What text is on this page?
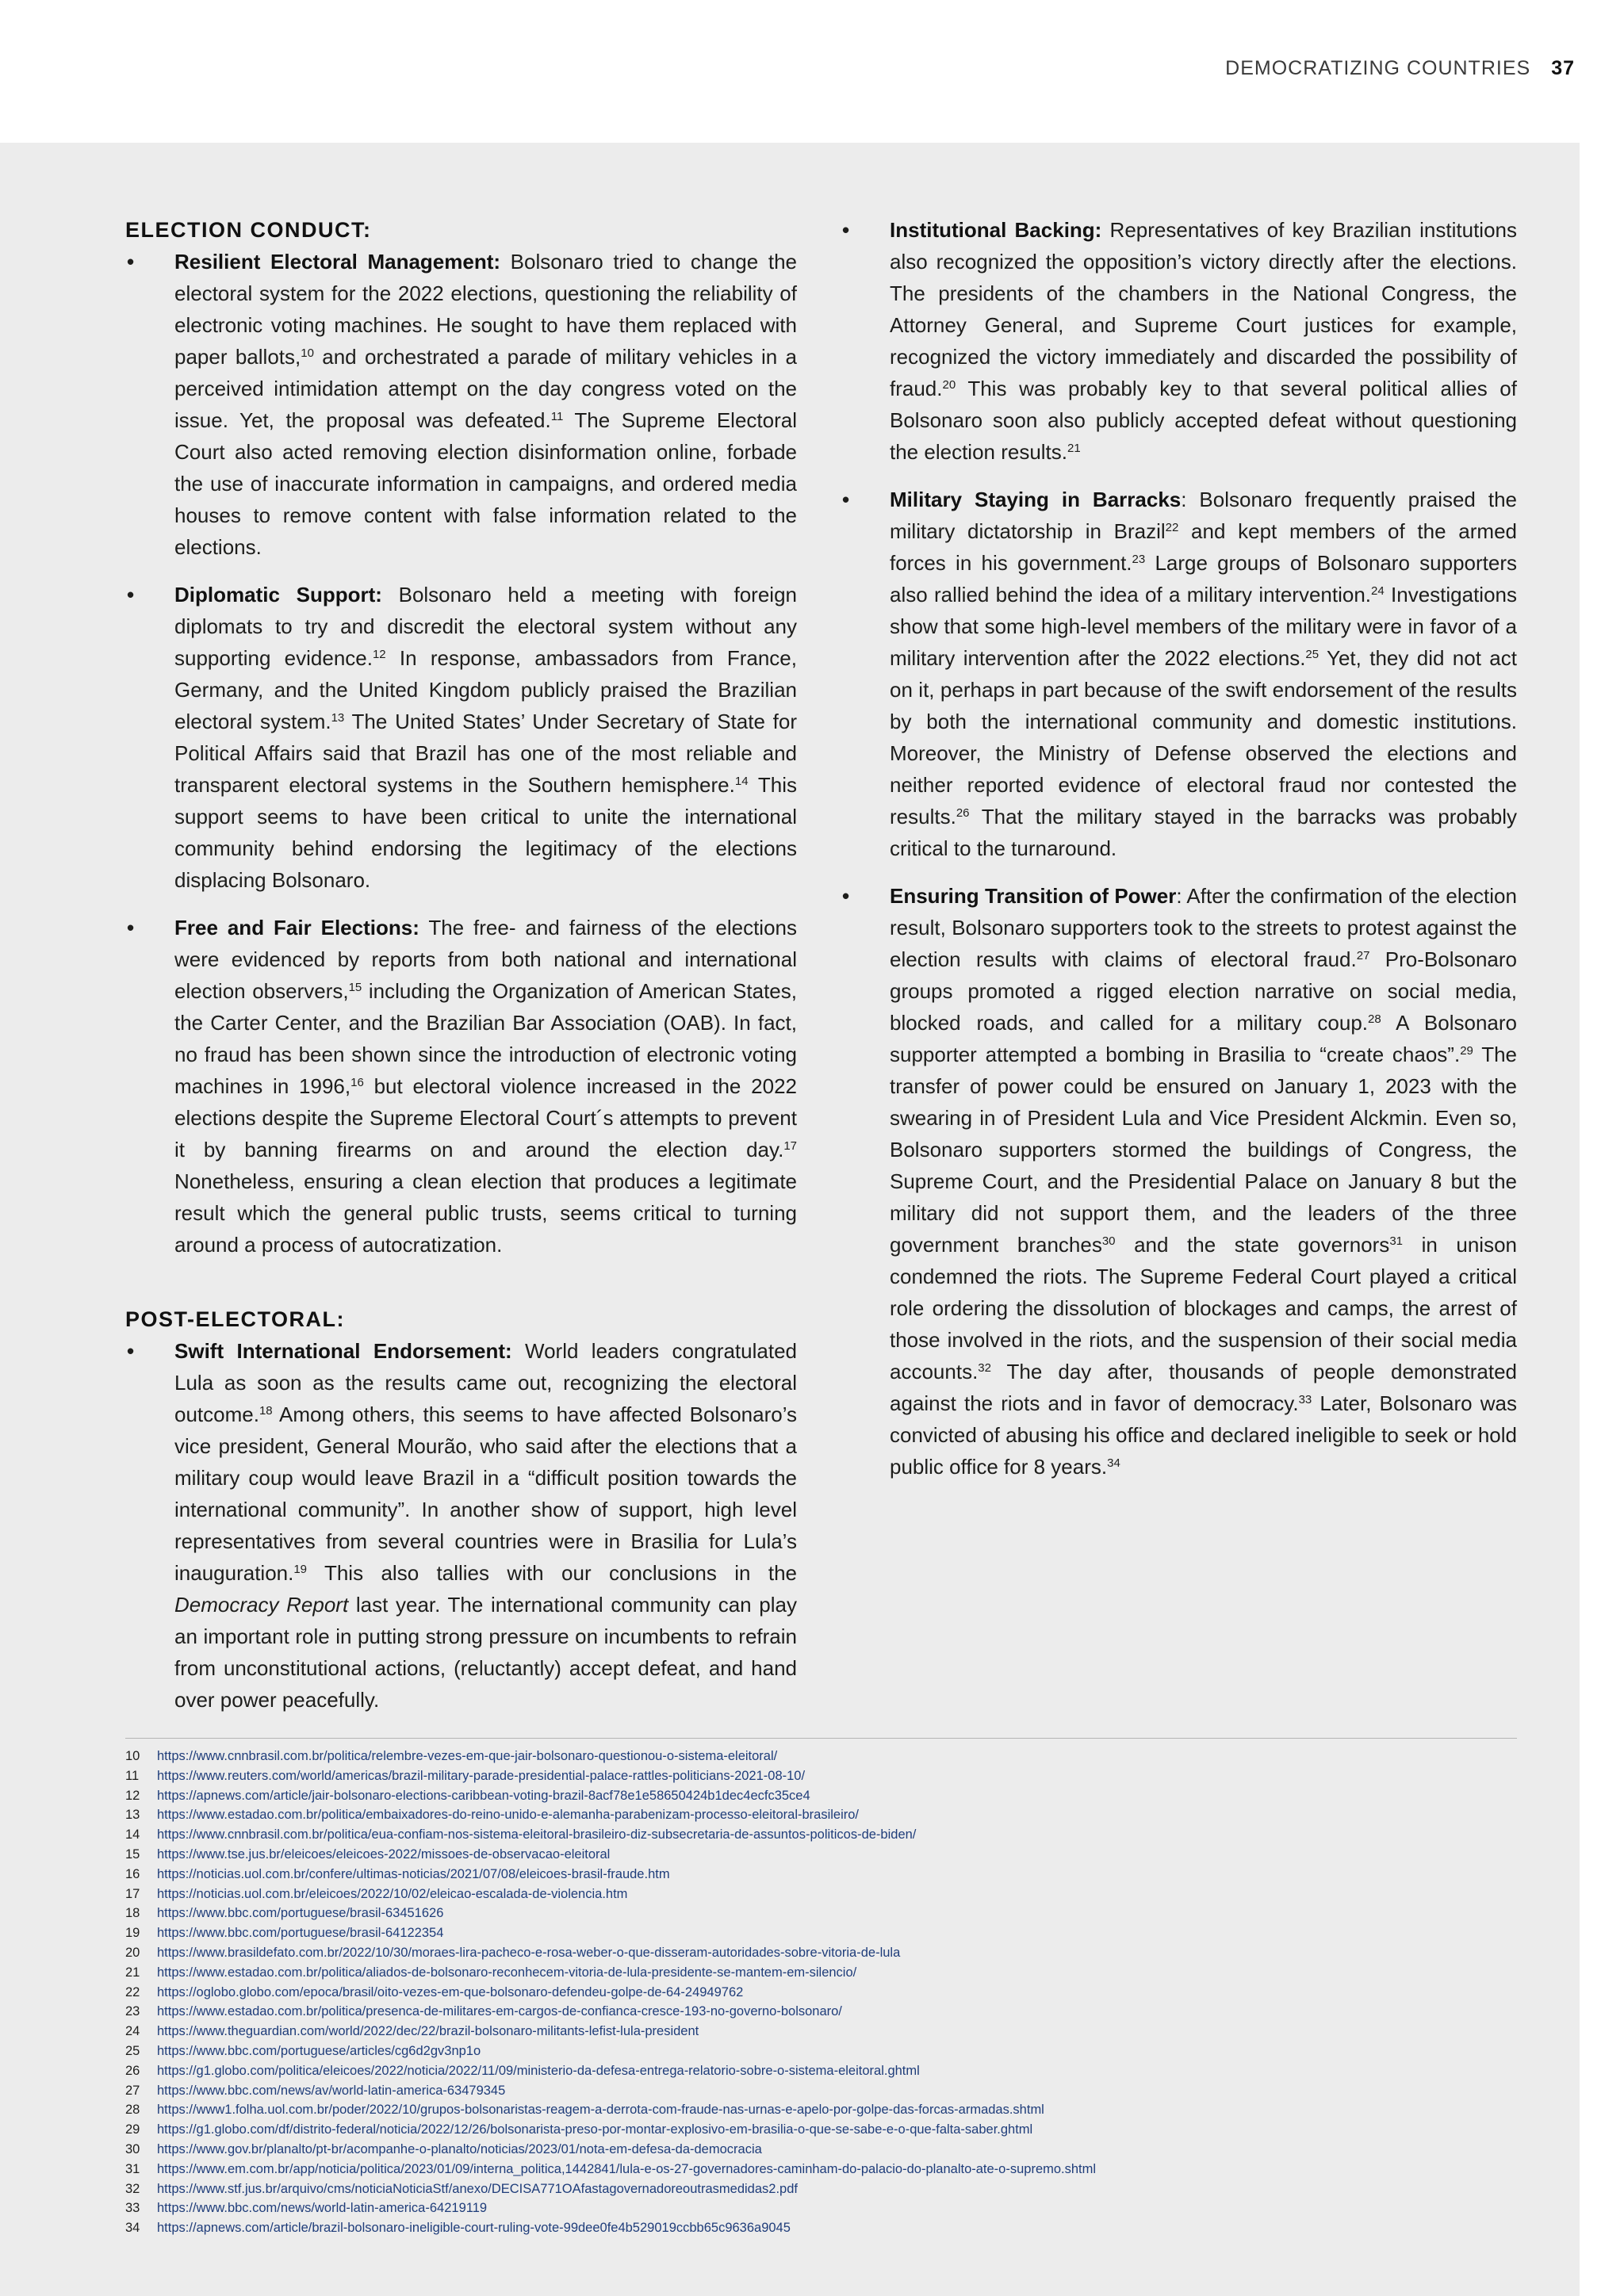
DEMOCRATIZING COUNTRIES 37
ELECTION CONDUCT:
• Resilient Electoral Management: Bolsonaro tried to change the electoral system for the 2022 elections, questioning the reliability of electronic voting machines. He sought to have them replaced with paper ballots,$^{10}$ and orchestrated a parade of military vehicles in a perceived intimidation attempt on the day congress voted on the issue. Yet, the proposal was defeated.$^{11}$ The Supreme Electoral Court also acted removing election disinformation online, forbade the use of inaccurate information in campaigns, and ordered media houses to remove content with false information related to the elections.
• Diplomatic Support: Bolsonaro held a meeting with foreign diplomats to try and discredit the electoral system without any supporting evidence.$^{12}$ In response, ambassadors from France, Germany, and the United Kingdom publicly praised the Brazilian electoral system.$^{13}$ The United States’ Under Secretary of State for Political Affairs said that Brazil has one of the most reliable and transparent electoral systems in the Southern hemisphere.$^{14}$ This support seems to have been critical to unite the international community behind endorsing the legitimacy of the elections displacing Bolsonaro.
• Free and Fair Elections: The free- and fairness of the elections were evidenced by reports from both national and international election observers,$^{15}$ including the Organization of American States, the Carter Center, and the Brazilian Bar Association (OAB). In fact, no fraud has been shown since the introduction of electronic voting machines in 1996,16 but electoral violence increased in the 2022 elections despite the Supreme Electoral Court´s attempts to prevent it by banning firearms on and around the election day.$^{17}$ Nonetheless, ensuring a clean election that produces a legitimate result which the general public trusts, seems critical to turning around a process of autocratization.
POST-ELECTORAL:
• Swift International Endorsement: World leaders congratulated Lula as soon as the results came out, recognizing the electoral outcome.$^{18}$ Among others, this seems to have affected Bolsonaro’s vice president, General Mourão, who said after the elections that a military coup would leave Brazil in a “difficult position towards the international community”. In another show of support, high level representatives from several countries were in Brasilia for Lula’s inauguration.$^{19}$ This also tallies with our conclusions in the Democracy Report last year. The international community can play an important role in putting strong pressure on incumbents to refrain from unconstitutional actions, (reluctantly) accept defeat, and hand over power peacefully.
• Institutional Backing: Representatives of key Brazilian institutions also recognized the opposition’s victory directly after the elections. The presidents of the chambers in the National Congress, the Attorney General, and Supreme Court justices for example, recognized the victory immediately and discarded the possibility of fraud.$^{20}$ This was probably key to that several political allies of Bolsonaro soon also publicly accepted defeat without questioning the election results.$^{21}$
• Military Staying in Barracks: Bolsonaro frequently praised the military dictatorship in Brazil$^{22}$ and kept members of the armed forces in his government.$^{23}$ Large groups of Bolsonaro supporters also rallied behind the idea of a military intervention.$^{24}$ Investigations show that some high-level members of the military were in favor of a military intervention after the 2022 elections.$^{25}$ Yet, they did not act on it, perhaps in part because of the swift endorsement of the results by both the international community and domestic institutions. Moreover, the Ministry of Defense observed the elections and neither reported evidence of electoral fraud nor contested the results.$^{26}$ That the military stayed in the barracks was probably critical to the turnaround.
• Ensuring Transition of Power: After the confirmation of the election result, Bolsonaro supporters took to the streets to protest against the election results with claims of electoral fraud.$^{27}$ Pro-Bolsonaro groups promoted a rigged election narrative on social media, blocked roads, and called for a military coup.$^{28}$ A Bolsonaro supporter attempted a bombing in Brasilia to “create chaos”.$^{29}$ The transfer of power could be ensured on January 1, 2023 with the swearing in of President Lula and Vice President Alckmin. Even so, Bolsonaro supporters stormed the buildings of Congress, the Supreme Court, and the Presidential Palace on January 8 but the military did not support them, and the leaders of the three government branches$^{30}$ and the state governors$^{31}$ in unison condemned the riots. The Supreme Federal Court played a critical role ordering the dissolution of blockages and camps, the arrest of those involved in the riots, and the suspension of their social media accounts.$^{32}$ The day after, thousands of people demonstrated against the riots and in favor of democracy.$^{33}$ Later, Bolsonaro was convicted of abusing his office and declared ineligible to seek or hold public office for 8 years.$^{34}$
10	https://www.cnnbrasil.com.br/politica/relembre-vezes-em-que-jair-bolsonaro-questionou-o-sistema-eleitoral/
11	https://www.reuters.com/world/americas/brazil-military-parade-presidential-palace-rattles-politicians-2021-08-10/
12	https://apnews.com/article/jair-bolsonaro-elections-caribbean-voting-brazil-8acf78e1e58650424b1dec4ecfc35ce4
13	https://www.estadao.com.br/politica/embaixadores-do-reino-unido-e-alemanha-parabenizam-processo-eleitoral-brasileiro/
14	https://www.cnnbrasil.com.br/politica/eua-confiam-nos-sistema-eleitoral-brasileiro-diz-subsecretaria-de-assuntos-politicos-de-biden/
15	https://www.tse.jus.br/eleicoes/eleicoes-2022/missoes-de-observacao-eleitoral
16	https://noticias.uol.com.br/confere/ultimas-noticias/2021/07/08/eleicoes-brasil-fraude.htm
17	https://noticias.uol.com.br/eleicoes/2022/10/02/eleicao-escalada-de-violencia.htm
18	https://www.bbc.com/portuguese/brasil-63451626
19	https://www.bbc.com/portuguese/brasil-64122354
20	https://www.brasildefato.com.br/2022/10/30/moraes-lira-pacheco-e-rosa-weber-o-que-disseram-autoridades-sobre-vitoria-de-lula
21	https://www.estadao.com.br/politica/aliados-de-bolsonaro-reconhecem-vitoria-de-lula-presidente-se-mantem-em-silencio/
22	https://oglobo.globo.com/epoca/brasil/oito-vezes-em-que-bolsonaro-defendeu-golpe-de-64-24949762
23	https://www.estadao.com.br/politica/presenca-de-militares-em-cargos-de-confianca-cresce-193-no-governo-bolsonaro/
24	https://www.theguardian.com/world/2022/dec/22/brazil-bolsonaro-militants-lefist-lula-president
25	https://www.bbc.com/portuguese/articles/cg6d2gv3np1o
26	https://g1.globo.com/politica/eleicoes/2022/noticia/2022/11/09/ministerio-da-defesa-entrega-relatorio-sobre-o-sistema-eleitoral.ghtml
27	https://www.bbc.com/news/av/world-latin-america-63479345
28	https://www1.folha.uol.com.br/poder/2022/10/grupos-bolsonaristas-reagem-a-derrota-com-fraude-nas-urnas-e-apelo-por-golpe-das-forcas-armadas.shtml
29	https://g1.globo.com/df/distrito-federal/noticia/2022/12/26/bolsonarista-preso-por-montar-explosivo-em-brasilia-o-que-se-sabe-e-o-que-falta-saber.ghtml
30	https://www.gov.br/planalto/pt-br/acompanhe-o-planalto/noticias/2023/01/nota-em-defesa-da-democracia
31	https://www.em.com.br/app/noticia/politica/2023/01/09/interna_politica,1442841/lula-e-os-27-governadores-caminham-do-palacio-do-planalto-ate-o-supremo.shtml
32	https://www.stf.jus.br/arquivo/cms/noticiaNoticiaStf/anexo/DECISA771OAfastagovernadoreoutrasmedidas2.pdf
33	https://www.bbc.com/news/world-latin-america-64219119
34	https://apnews.com/article/brazil-bolsonaro-ineligible-court-ruling-vote-99dee0fe4b529019ccbb65c9636a9045
